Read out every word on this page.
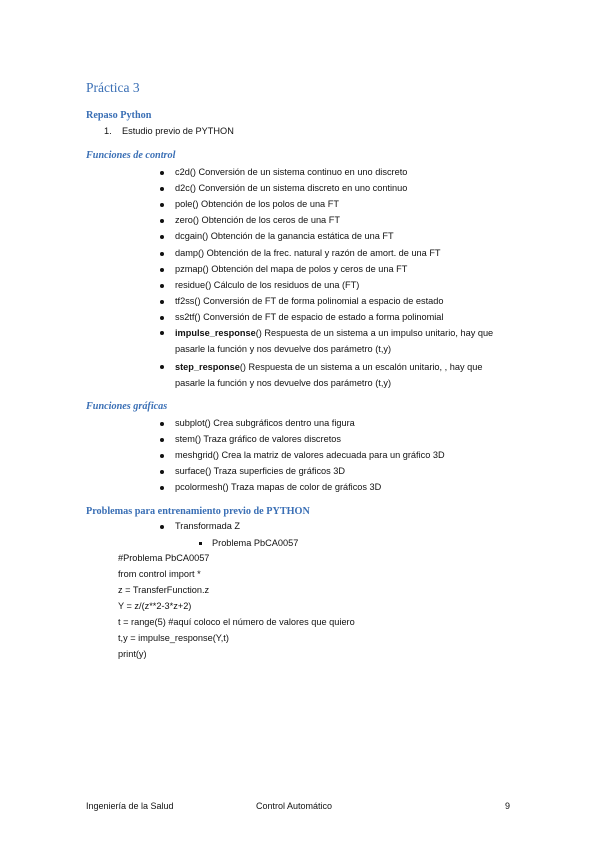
Práctica 3
Repaso Python
1. Estudio previo de PYTHON
Funciones de control
c2d() Conversión de un sistema continuo en uno discreto
d2c() Conversión de un sistema discreto en uno continuo
pole() Obtención de los polos de una FT
zero() Obtención de los ceros de una FT
dcgain() Obtención de la ganancia estática de una FT
damp() Obtención de la frec. natural y razón de amort. de una FT
pzmap() Obtención del mapa de polos y ceros de una FT
residue() Cálculo de los residuos de una (FT)
tf2ss() Conversión de FT de forma polinomial a espacio de estado
ss2tf() Conversión de FT de espacio de estado a forma polinomial
impulse_response() Respuesta de un sistema a un impulso unitario, hay que pasarle la función y nos devuelve dos parámetro (t,y)
step_response() Respuesta de un sistema a un escalón unitario, , hay que pasarle la función y nos devuelve dos parámetro (t,y)
Funciones gráficas
subplot() Crea subgráficos dentro una figura
stem() Traza gráfico de valores discretos
meshgrid() Crea la matriz de valores adecuada para un gráfico 3D
surface() Traza superficies de gráficos 3D
pcolormesh() Traza mapas de color de gráficos 3D
Problemas para entrenamiento previo de PYTHON
Transformada Z
Problema PbCA0057
#Problema PbCA0057
from control import *
z = TransferFunction.z
Y = z/(z**2-3*z+2)
t = range(5) #aquí coloco el número de valores que quiero
t,y = impulse_response(Y,t)
print(y)
Ingeniería de la Salud	Control Automático	9
